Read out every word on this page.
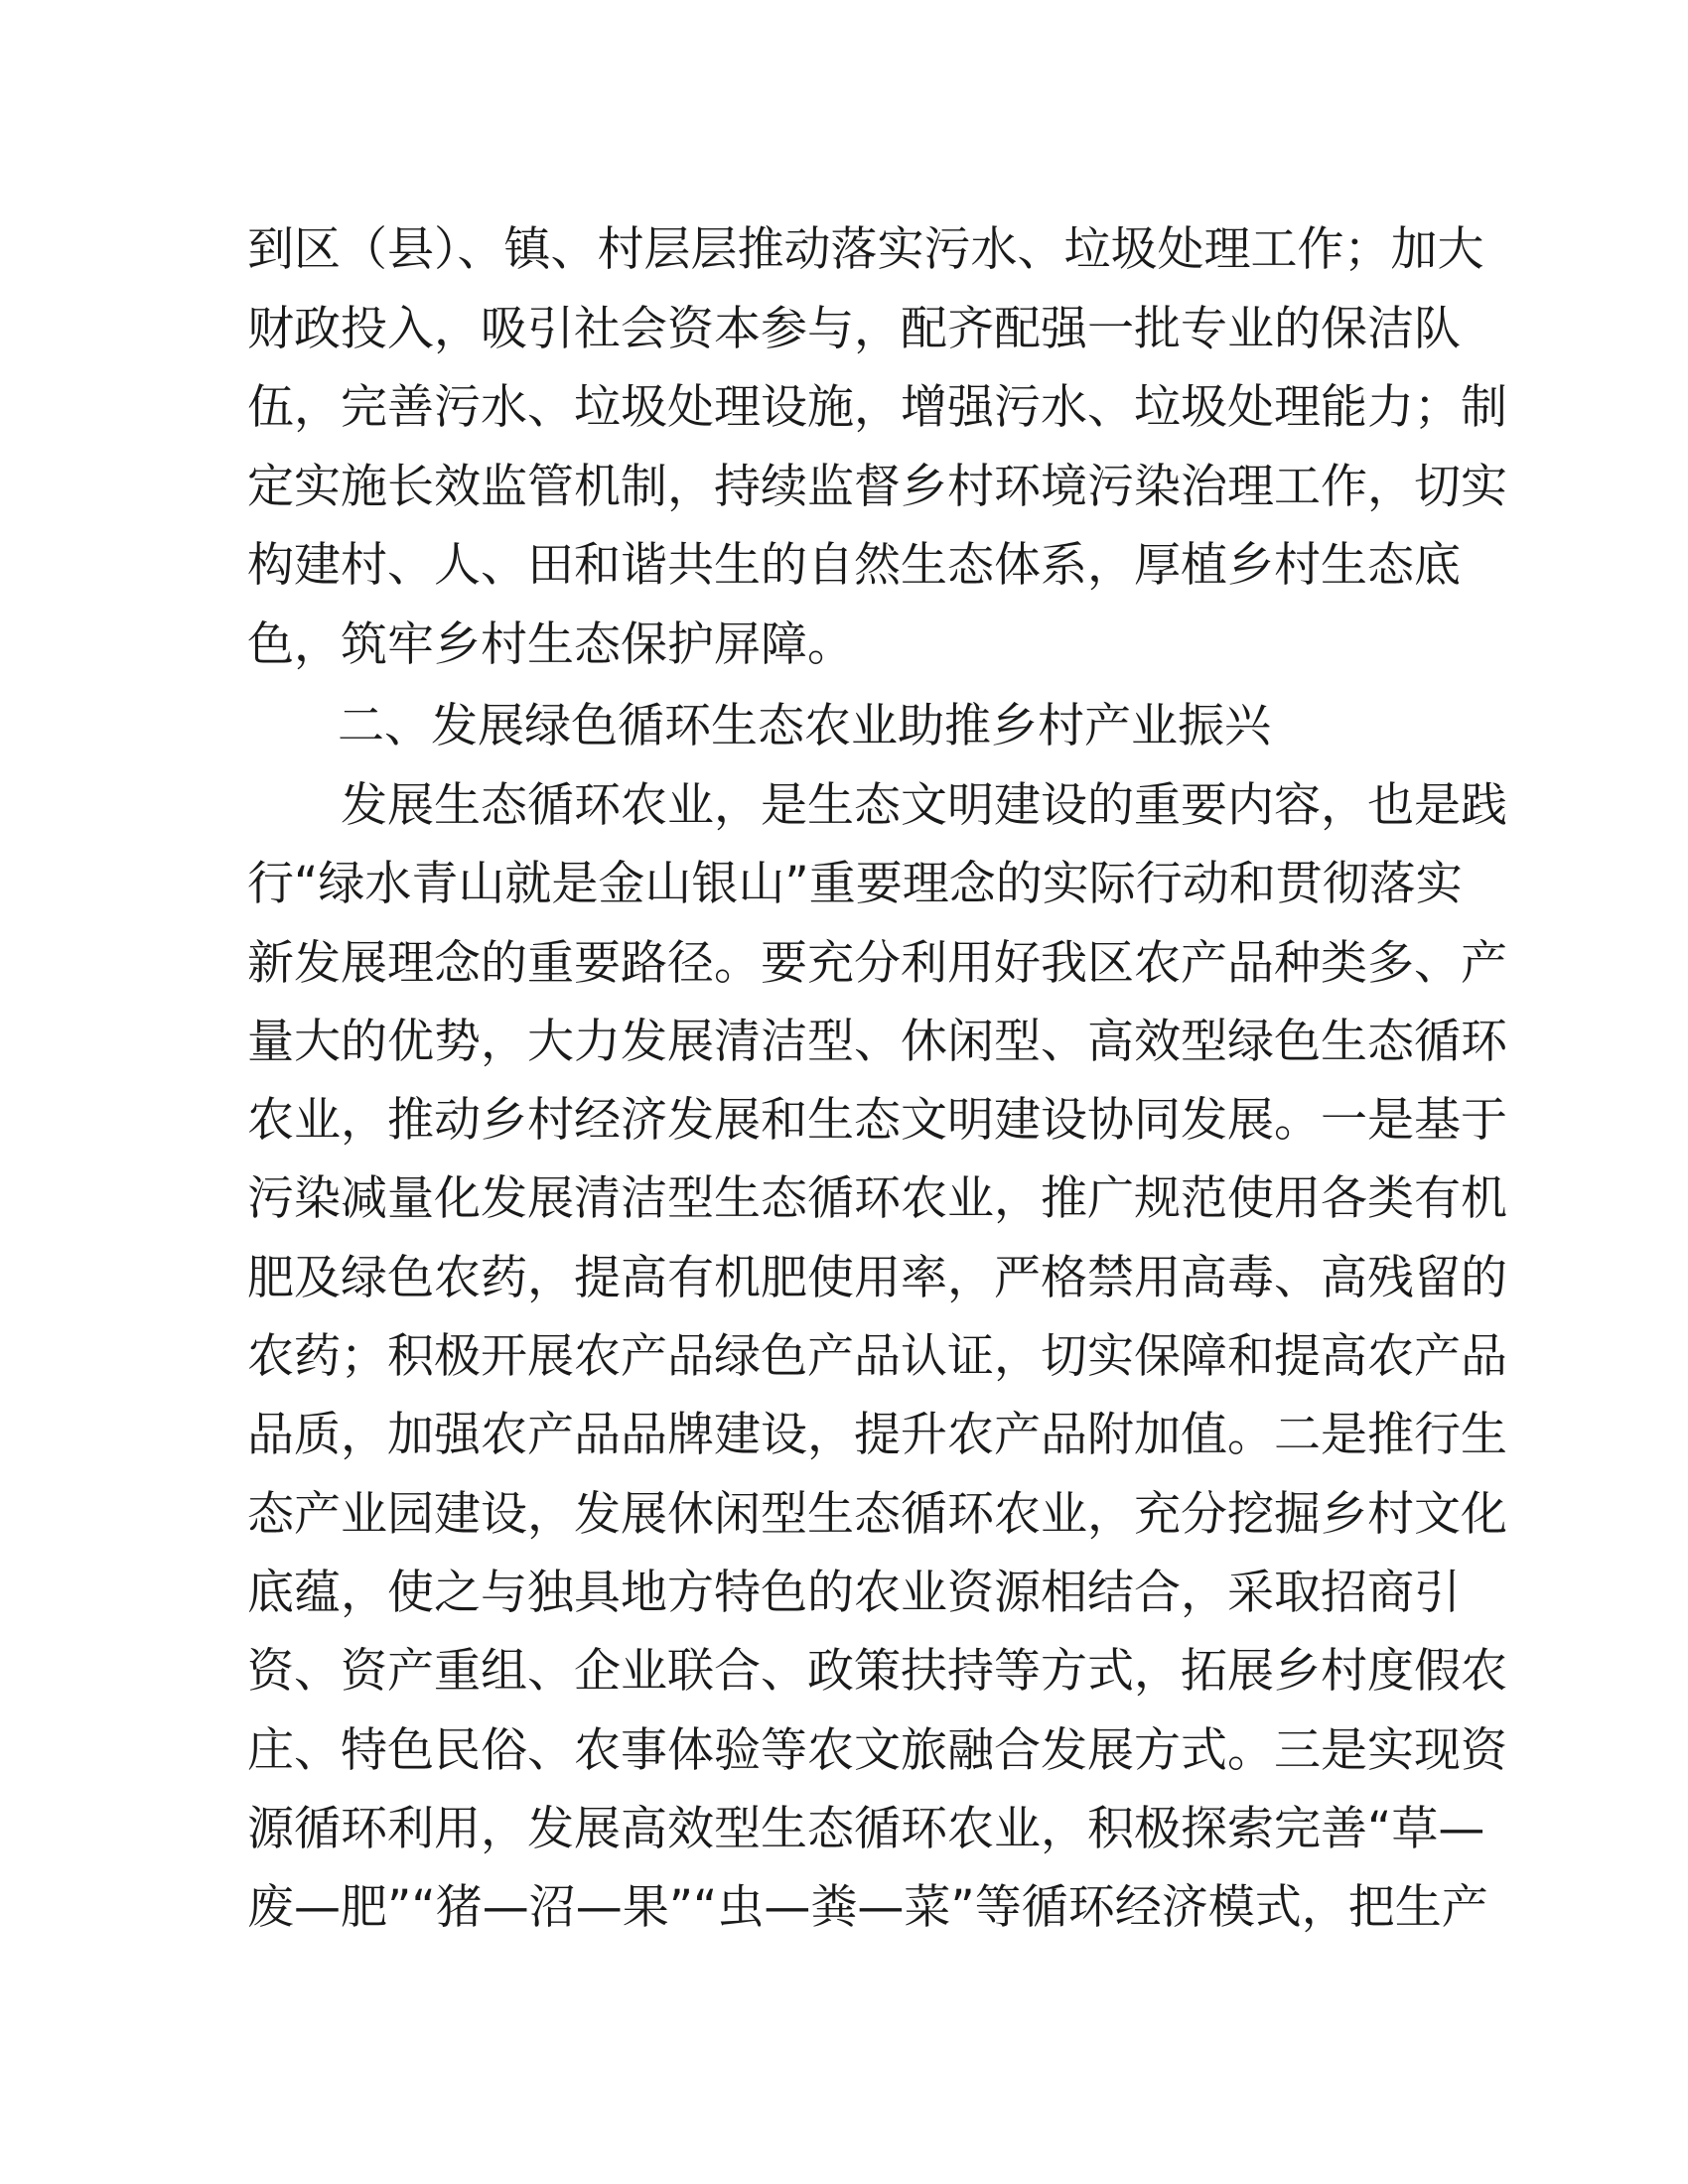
到区（县）、镇、村层层推动落实污水、垃圾处理工作；加大
财政投入，吸引社会资本参与，配齐配强一批专业的保洁队
伍，完善污水、垃圾处理设施，增强污水、垃圾处理能力；制
定实施长效监管机制，持续监督乡村环境污染治理工作，切实
构建村、人、田和谐共生的自然生态体系，厚植乡村生态底
色，筑牢乡村生态保护屏障。
二、发展绿色循环生态农业助推乡村产业振兴
　　发展生态循环农业，是生态文明建设的重要内容，也是践
行“绿水青山就是金山银山”重要理念的实际行动和贯彻落实
新发展理念的重要路径。要充分利用好我区农产品种类多、产
量大的优势，大力发展清洁型、休闲型、高效型绿色生态循环
农业，推动乡村经济发展和生态文明建设协同发展。一是基于
污染减量化发展清洁型生态循环农业，推广规范使用各类有机
肥及绿色农药，提高有机肥使用率，严格禁用高毒、高残留的
农药；积极开展农产品绿色产品认证，切实保障和提高农产品
品质，加强农产品品牌建设，提升农产品附加值。二是推行生
态产业园建设，发展休闲型生态循环农业，充分挖掘乡村文化
底蕴，使之与独具地方特色的农业资源相结合，采取招商引
资、资产重组、企业联合、政策扶持等方式，拓展乡村度假农
庄、特色民俗、农事体验等农文旅融合发展方式。三是实现资
源循环利用，发展高效型生态循环农业，积极探索完善“草—
废—肥”“猪—沼—果”“虫—粪—菜”等循环经济模式，把生产
